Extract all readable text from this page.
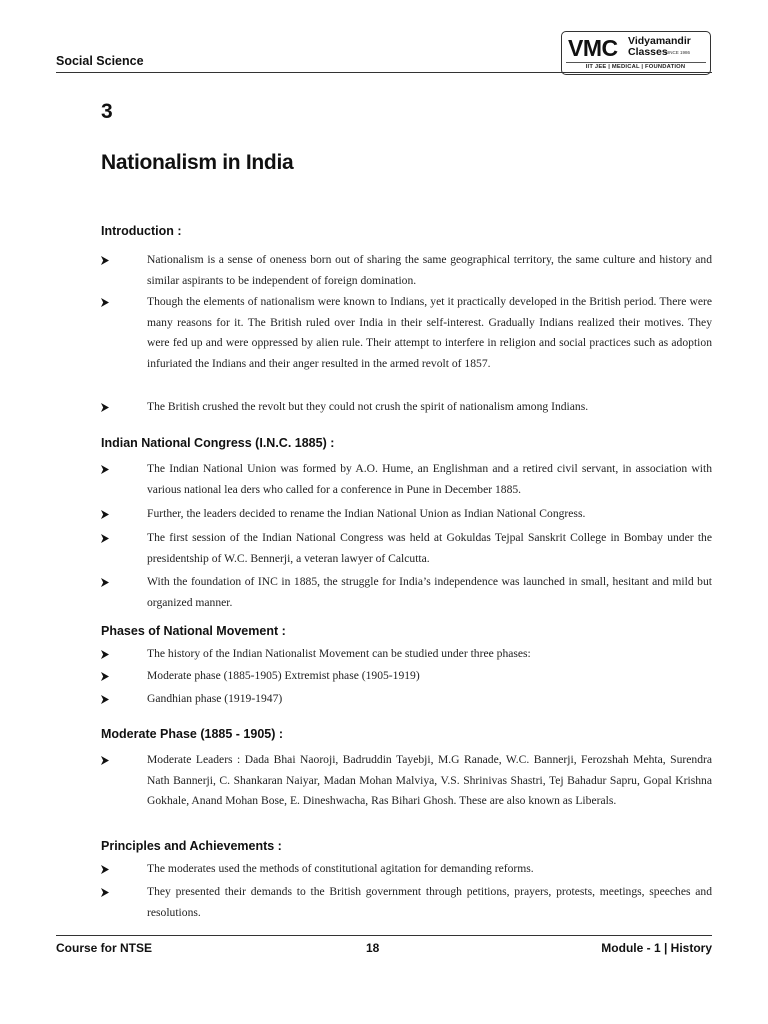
Social Science	VMC Vidyamandir
Classes
SINCE 1986
IIT JEE | MEDICAL | FOUNDATION
3
Nationalism in India
Introduction :
Nationalism is a sense of oneness born out of sharing the same geographical territory, the same culture and history and similar aspirants to be independent of foreign domination.
Though the elements of nationalism were known to Indians, yet it practically developed in the British period. There were many reasons for it. The British ruled over India in their self-interest. Gradually Indians realized their motives. They were fed up and were oppressed by alien rule. Their attempt to interfere in religion and social practices such as adoption infuriated the Indians and their anger resulted in the armed revolt of 1857.
The British crushed the revolt but they could not crush the spirit of nationalism among Indians.
Indian National Congress (I.N.C. 1885) :
The Indian National Union was formed by A.O. Hume, an Englishman and a retired civil servant, in association with various national lea ders who called for a conference in Pune in December 1885.
Further, the leaders decided to rename the Indian National Union as Indian National Congress.
The first session of the Indian National Congress was held at Gokuldas Tejpal Sanskrit College in Bombay under the presidentship of W.C. Bennerji, a veteran lawyer of Calcutta.
With the foundation of INC in 1885, the struggle for India’s independence was launched in small, hesitant and mild but organized manner.
Phases of National Movement :
The history of the Indian Nationalist Movement can be studied under three phases:
Moderate phase (1885-1905) Extremist phase (1905-1919)
Gandhian phase (1919-1947)
Moderate Phase (1885 - 1905) :
Moderate Leaders : Dada Bhai Naoroji, Badruddin Tayebji, M.G Ranade, W.C. Bannerji, Ferozshah Mehta, Surendra Nath Bannerji, C. Shankaran Naiyar, Madan Mohan Malviya, V.S. Shrinivas Shastri, Tej Bahadur Sapru, Gopal Krishna Gokhale, Anand Mohan Bose, E. Dineshwacha, Ras Bihari Ghosh. These are also known as Liberals.
Principles and Achievements :
The moderates used the methods of constitutional agitation for demanding reforms.
They presented their demands to the British government through petitions, prayers, protests, meetings, speeches and resolutions.
Course for NTSE	18	Module - 1 | History
